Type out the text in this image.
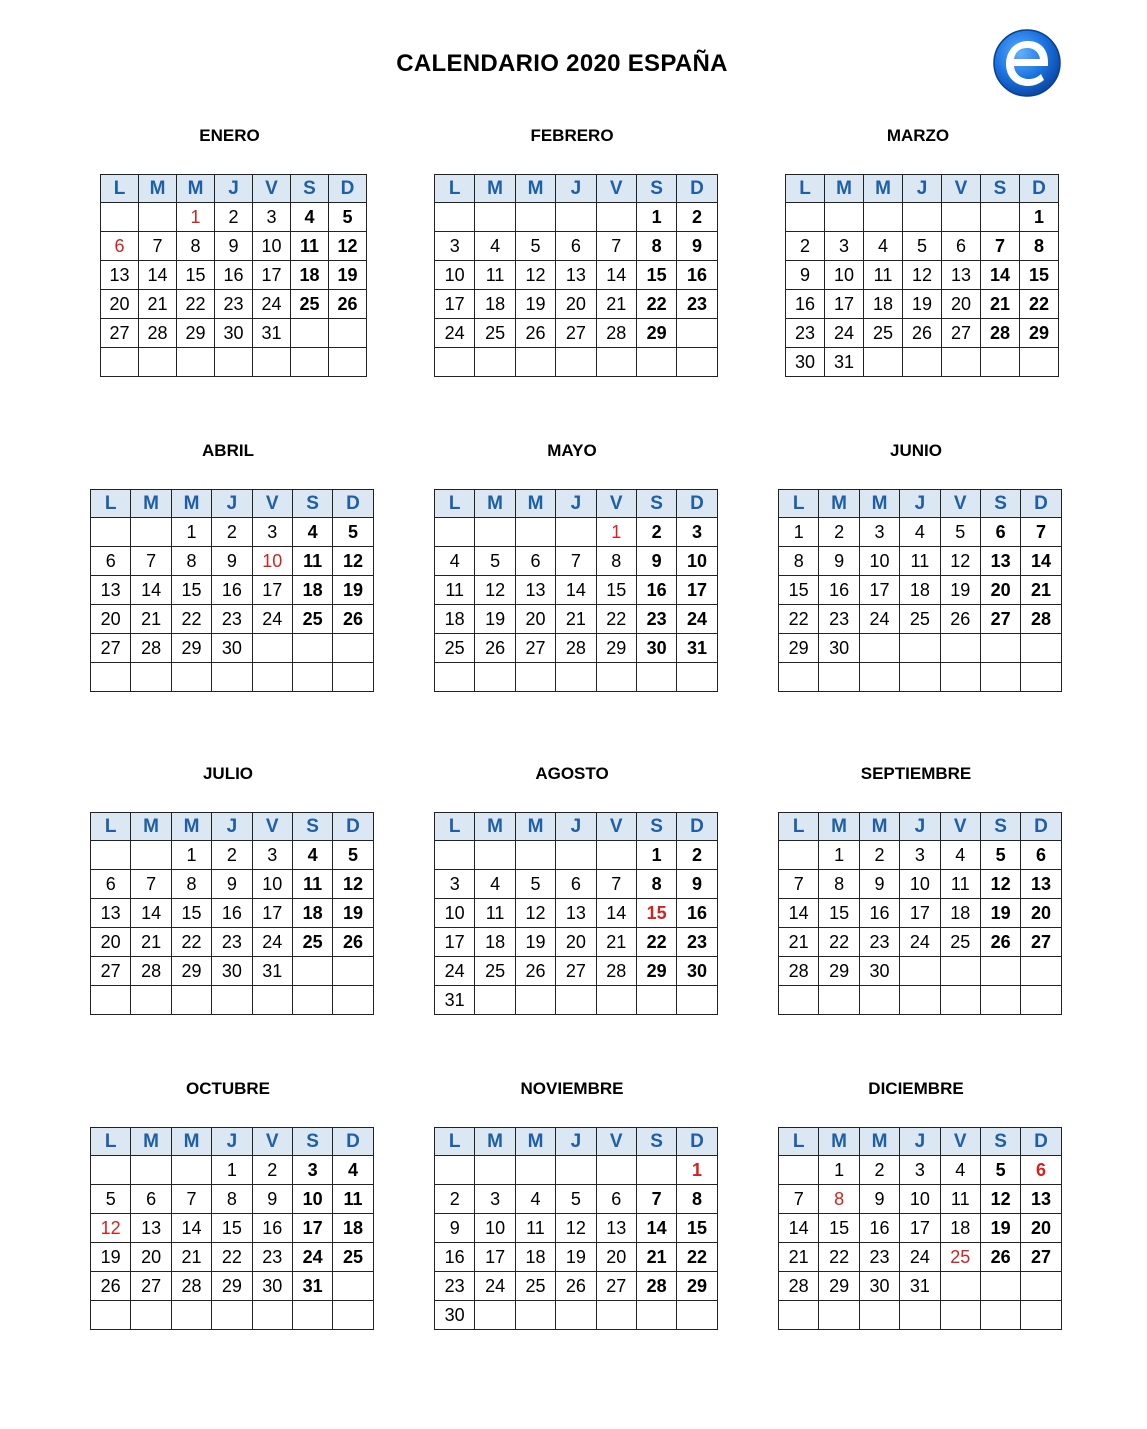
CALENDARIO 2020 ESPAÑA
ENERO
L	M	M	J	V	S	D
		1	2	3	4	5
6	7	8	9	10	11	12
13	14	15	16	17	18	19
20	21	22	23	24	25	26
27	28	29	30	31		

FEBRERO
L	M	M	J	V	S	D
					1	2
3	4	5	6	7	8	9
10	11	12	13	14	15	16
17	18	19	20	21	22	23
24	25	26	27	28	29	

MARZO
L	M	M	J	V	S	D
						1
2	3	4	5	6	7	8
9	10	11	12	13	14	15
16	17	18	19	20	21	22
23	24	25	26	27	28	29
30	31					
ABRIL
L	M	M	J	V	S	D
		1	2	3	4	5
6	7	8	9	10	11	12
13	14	15	16	17	18	19
20	21	22	23	24	25	26
27	28	29	30			

MAYO
L	M	M	J	V	S	D
				1	2	3
4	5	6	7	8	9	10
11	12	13	14	15	16	17
18	19	20	21	22	23	24
25	26	27	28	29	30	31

JUNIO
L	M	M	J	V	S	D
1	2	3	4	5	6	7
8	9	10	11	12	13	14
15	16	17	18	19	20	21
22	23	24	25	26	27	28
29	30					

JULIO
L	M	M	J	V	S	D
		1	2	3	4	5
6	7	8	9	10	11	12
13	14	15	16	17	18	19
20	21	22	23	24	25	26
27	28	29	30	31		

AGOSTO
L	M	M	J	V	S	D
					1	2
3	4	5	6	7	8	9
10	11	12	13	14	15	16
17	18	19	20	21	22	23
24	25	26	27	28	29	30
31						
SEPTIEMBRE
L	M	M	J	V	S	D
	1	2	3	4	5	6
7	8	9	10	11	12	13
14	15	16	17	18	19	20
21	22	23	24	25	26	27
28	29	30				

OCTUBRE
L	M	M	J	V	S	D
			1	2	3	4
5	6	7	8	9	10	11
12	13	14	15	16	17	18
19	20	21	22	23	24	25
26	27	28	29	30	31	

NOVIEMBRE
L	M	M	J	V	S	D
						1
2	3	4	5	6	7	8
9	10	11	12	13	14	15
16	17	18	19	20	21	22
23	24	25	26	27	28	29
30						
DICIEMBRE
L	M	M	J	V	S	D
	1	2	3	4	5	6
7	8	9	10	11	12	13
14	15	16	17	18	19	20
21	22	23	24	25	26	27
28	29	30	31			
